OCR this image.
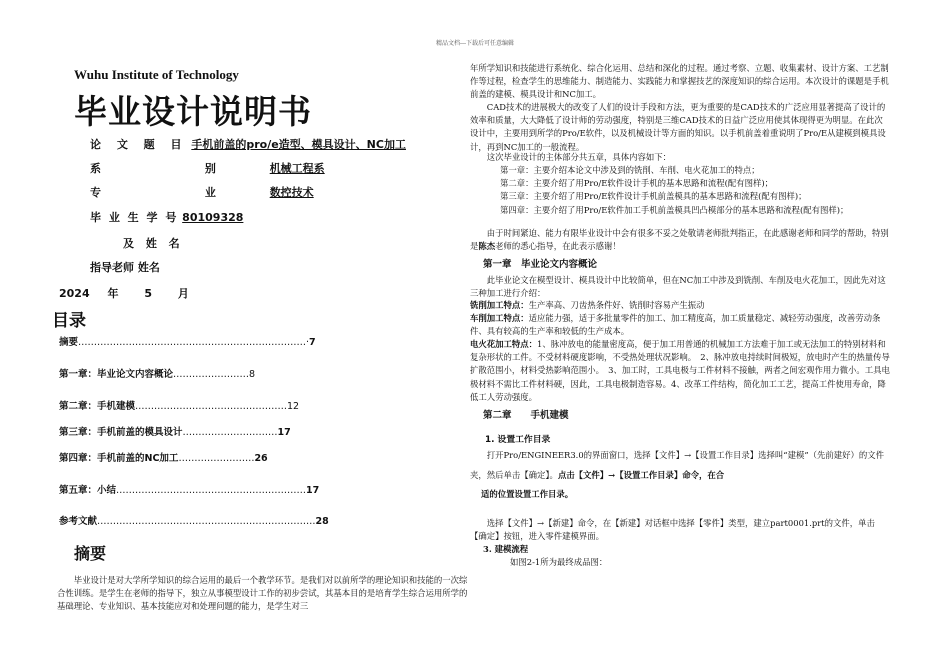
精品文档---下载后可任意编辑
Wuhu Institute of Technology
毕业设计说明书
论 文 题 目 手机前盖的pro/e造型、模具设计、NC加工
系 别 机械工程系
专 业 数控技术
毕 业 生 学 号 80109328
及 姓 名
指导老师 姓名
2024 年 5 月
目录
摘要………………………………………………………………·7
第一章：毕业论文内容概论……………………8
第二章：手机建模…………………………………………12
第三章：手机前盖的模具设计…………………………17
第四章：手机前盖的NC加工……………………26
第五章：小结……………………………………………………17
参考文献……………………………………………………………28
摘要
毕业设计是对大学所学知识的综合运用的最后一个教学环节。是我们对以前所学的理论知识和技能的一次综合性训练。是学生在老师的指导下，独立从事模型设计工作的初步尝试，其基本目的是培育学生综合运用所学的基础理论、专业知识、基本技能应对和处理问题的能力，是学生对三
年所学知识和技能进行系统化、综合化运用、总结和深化的过程。通过考察、立题、收集素材、设计方案、工艺制作等过程，检查学生的思维能力、制造能力、实践能力和掌握技艺的深度知识的综合运用。本次设计的课题是手机前盖的建模、模具设计和NC加工。
CAD技术的进展极大的改变了人们的设计手段和方法，更为重要的是CAD技术的广泛应用显著提高了设计的效率和质量，大大降低了设计师的劳动强度，特别是三维CAD技术的日益广泛应用使其体现得更为明显。在此次设计中，主要用到所学的Pro/E软件，以及机械设计等方面的知识。以手机前盖着重说明了Pro/E从建模到模具设计，再到NC加工的一般流程。
这次毕业设计的主体部分共五章，具体内容如下：

第一章：主要介绍本论文中涉及到的铣削、车削、电火花加工的特点；

第二章：主要介绍了用Pro/E软件设计手机的基本思路和流程(配有图样)；

第三章：主要介绍了用Pro/E软件设计手机前盖模具的基本思路和流程(配有图样)；

第四章：主要介绍了用Pro/E软件加工手机前盖模具凹凸模部分的基本思路和流程(配有图样)；

由于时间紧迫、能力有限毕业设计中会有很多不妥之处敬请老师批判指正，在此感谢老师和同学的帮助，特别是陈杰老师的悉心指导，在此表示感谢！
第一章　毕业论文内容概论
此毕业论文在模型设计、模具设计中比较简单，但在NC加工中涉及到铣削、车削及电火花加工，因此先对这三种加工进行介绍：
铣削加工特点：生产率高、刀齿热条件好、铣削时容易产生振动
车削加工特点：适应能力强，适于多批量零件的加工、加工精度高，加工质量稳定、减轻劳动强度，改善劳动条件、具有较高的生产率和较低的生产成本。
电火花加工特点：1、脉冲放电的能量密度高，便于加工用普通的机械加工方法难于加工或无法加工的特别材料和复杂形状的工件。不受材料硬度影响，不受热处理状况影响。　2、脉冲放电持续时间极短，放电时产生的热量传导扩散范围小，材料受热影响范围小。　3、加工时，工具电极与工件材料不接触，两者之间宏观作用力微小。工具电极材料不需比工件材料硬，因此，工具电极制造容易。4、改革工件结构，简化加工工艺，提高工件使用寿命，降低工人劳动强度。
第二章　　手机建模
1. 设置工作目录
打开Pro/ENGINEER3.0的界面窗口，选择【文件】→【设置工作目录】选择叫“建模”（先前建好）的文件夹，然后单击【确定】。点击【文件】→【设置工作目录】命令，在合
适的位置设置工作目录。
选择【文件】→【新建】命令，在【新建】对话框中选择【零件】类型，建立part0001.prt的文件，单击【确定】按钮，进入零件建模界面。
3. 建模流程
如图2-1所为最终成品图：
